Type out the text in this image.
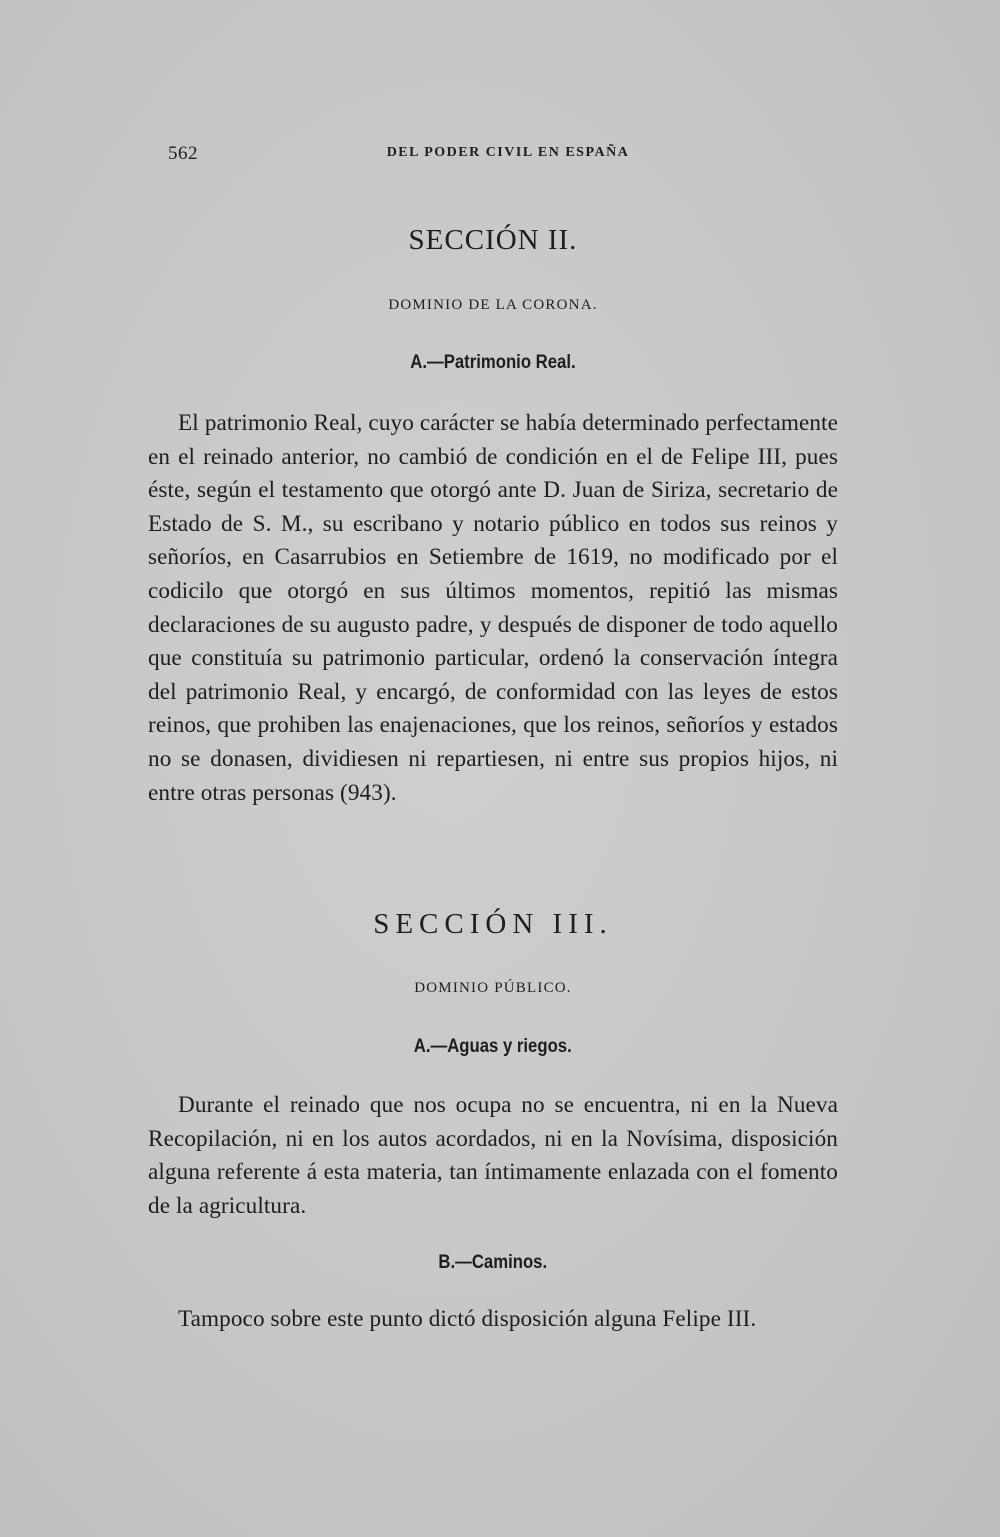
562	DEL PODER CIVIL EN ESPAÑA
SECCIÓN II.
DOMINIO DE LA CORONA.
A.—Patrimonio Real.

El patrimonio Real, cuyo carácter se había determinado perfectamente en el reinado anterior, no cambió de condición en el de Felipe III, pues éste, según el testamento que otorgó ante D. Juan de Siriza, secretario de Estado de S. M., su escribano y notario público en todos sus reinos y señoríos, en Casarrubios en Setiembre de 1619, no modificado por el codicilo que otorgó en sus últimos momentos, repitió las mismas declaraciones de su augusto padre, y después de disponer de todo aquello que constituía su patrimonio particular, ordenó la conservación íntegra del patrimonio Real, y encargó, de conformidad con las leyes de estos reinos, que prohiben las enajenaciones, que los reinos, señoríos y estados no se donasen, dividiesen ni repartiesen, ni entre sus propios hijos, ni entre otras personas (943).

SECCIÓN III.
DOMINIO PÚBLICO.
A.—Aguas y riegos.

Durante el reinado que nos ocupa no se encuentra, ni en la Nueva Recopilación, ni en los autos acordados, ni en la Novísima, disposición alguna referente á esta materia, tan íntimamente enlazada con el fomento de la agricultura.

B.—Caminos.

Tampoco sobre este punto dictó disposición alguna Felipe III.
